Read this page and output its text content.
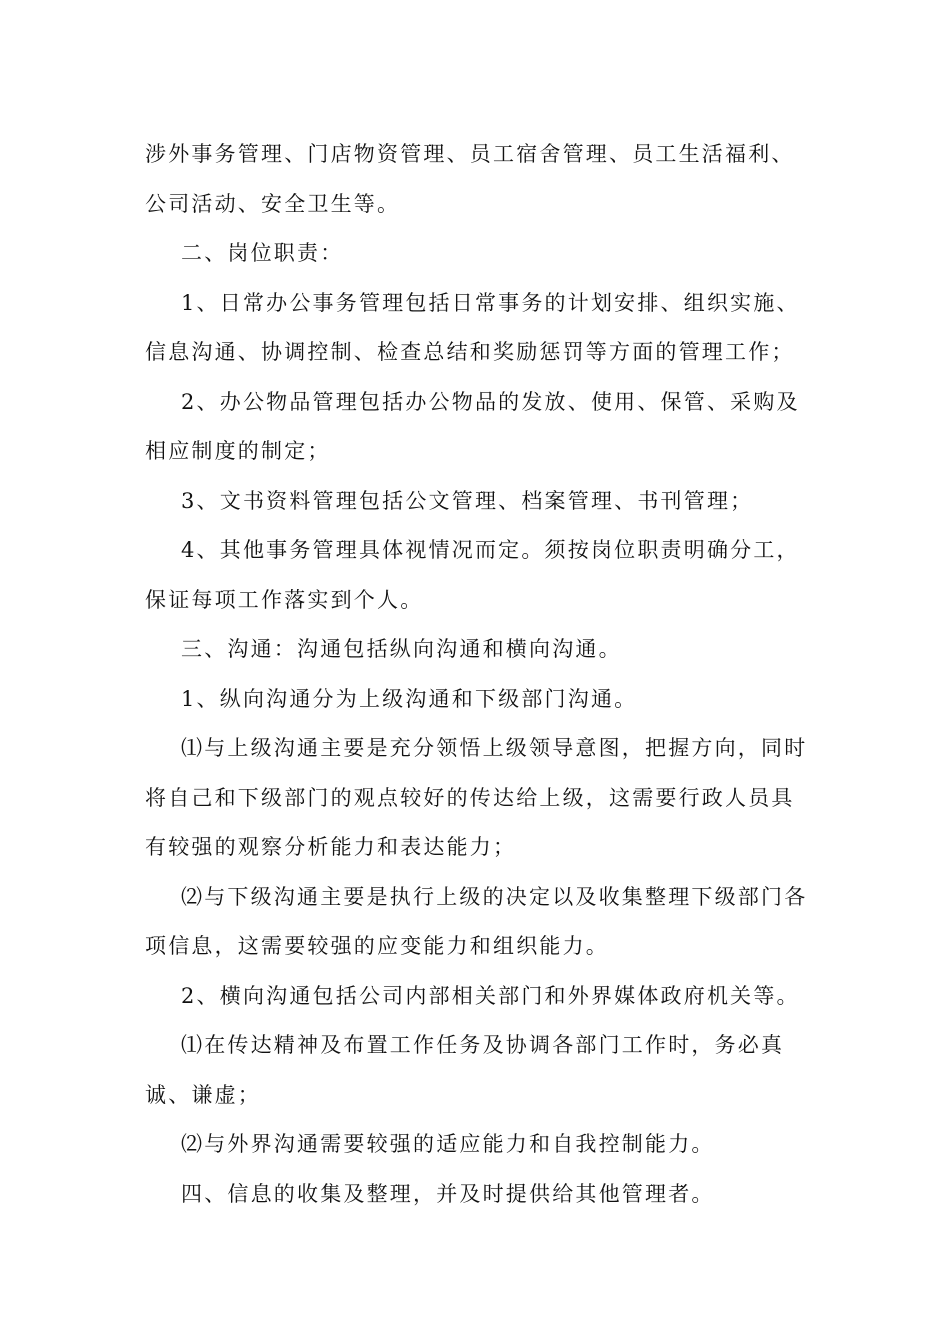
涉外事务管理、门店物资管理、员工宿舍管理、员工生活福利、公司活动、安全卫生等。

二、岗位职责：

1、日常办公事务管理包括日常事务的计划安排、组织实施、信息沟通、协调控制、检查总结和奖励惩罚等方面的管理工作；

2、办公物品管理包括办公物品的发放、使用、保管、采购及相应制度的制定；

3、文书资料管理包括公文管理、档案管理、书刊管理；

4、其他事务管理具体视情况而定。须按岗位职责明确分工，保证每项工作落实到个人。

三、沟通：沟通包括纵向沟通和横向沟通。

1、纵向沟通分为上级沟通和下级部门沟通。

⑴与上级沟通主要是充分领悟上级领导意图，把握方向，同时将自己和下级部门的观点较好的传达给上级，这需要行政人员具有较强的观察分析能力和表达能力；

⑵与下级沟通主要是执行上级的决定以及收集整理下级部门各项信息，这需要较强的应变能力和组织能力。

2、横向沟通包括公司内部相关部门和外界媒体政府机关等。

⑴在传达精神及布置工作任务及协调各部门工作时，务必真诚、谦虚；

⑵与外界沟通需要较强的适应能力和自我控制能力。

四、信息的收集及整理，并及时提供给其他管理者。
